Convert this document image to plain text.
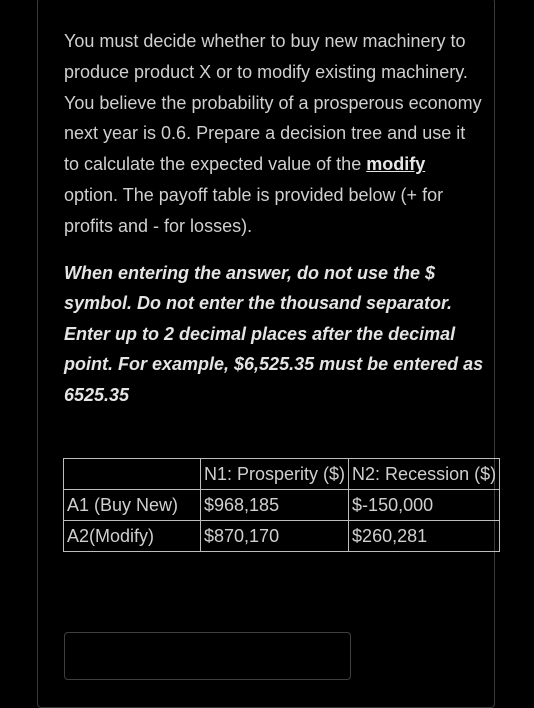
You must decide whether to buy new machinery to produce product X or to modify existing machinery. You believe the probability of a prosperous economy next year is 0.6. Prepare a decision tree and use it to calculate the expected value of the modify option. The payoff table is provided below (+ for profits and - for losses).

When entering the answer, do not use the $ symbol. Do not enter the thousand separator. Enter up to 2 decimal places after the decimal point. For example, $6,525.35 must be entered as 6525.35

	N1: Prosperity ($)	N2: Recession ($)
A1 (Buy New)	$968,185	$-150,000
A2(Modify)	$870,170	$260,281
